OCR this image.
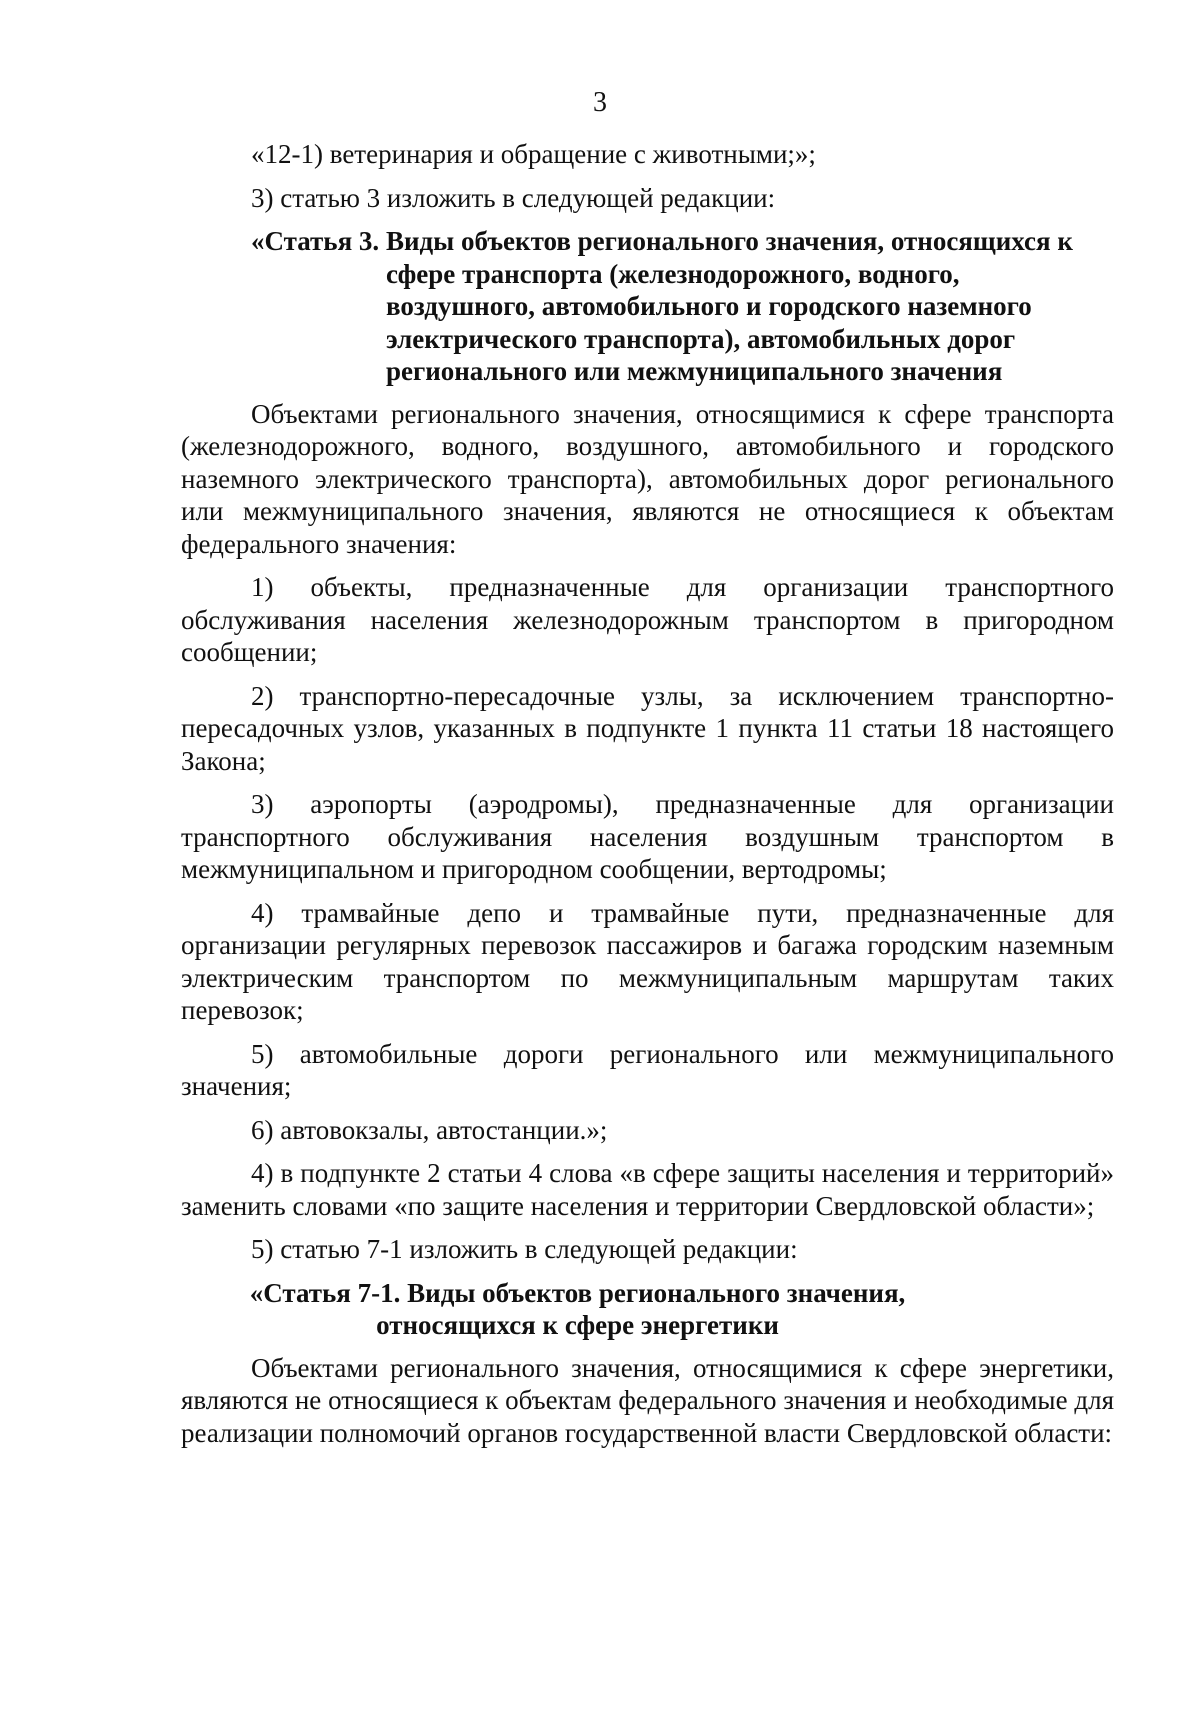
3

«12-1) ветеринария и обращение с животными;»;

3) статью 3 изложить в следующей редакции:

«Статья 3. Виды объектов регионального значения, относящихся к сфере транспорта (железнодорожного, водного, воздушного, автомобильного и городского наземного электрического транспорта), автомобильных дорог регионального или межмуниципального значения

Объектами регионального значения, относящимися к сфере транспорта (железнодорожного, водного, воздушного, автомобильного и городского наземного электрического транспорта), автомобильных дорог регионального или межмуниципального значения, являются не относящиеся к объектам федерального значения:

1) объекты, предназначенные для организации транспортного обслуживания населения железнодорожным транспортом в пригородном сообщении;

2) транспортно-пересадочные узлы, за исключением транспортно-пересадочных узлов, указанных в подпункте 1 пункта 11 статьи 18 настоящего Закона;

3) аэропорты (аэродромы), предназначенные для организации транспортного обслуживания населения воздушным транспортом в межмуниципальном и пригородном сообщении, вертодромы;

4) трамвайные депо и трамвайные пути, предназначенные для организации регулярных перевозок пассажиров и багажа городским наземным электрическим транспортом по межмуниципальным маршрутам таких перевозок;

5) автомобильные дороги регионального или межмуниципального значения;

6) автовокзалы, автостанции.»;

4) в подпункте 2 статьи 4 слова «в сфере защиты населения и территорий» заменить словами «по защите населения и территории Свердловской области»;

5) статью 7-1 изложить в следующей редакции:

«Статья 7-1. Виды объектов регионального значения,
относящихся к сфере энергетики

Объектами регионального значения, относящимися к сфере энергетики, являются не относящиеся к объектам федерального значения и необходимые для реализации полномочий органов государственной власти Свердловской области:
